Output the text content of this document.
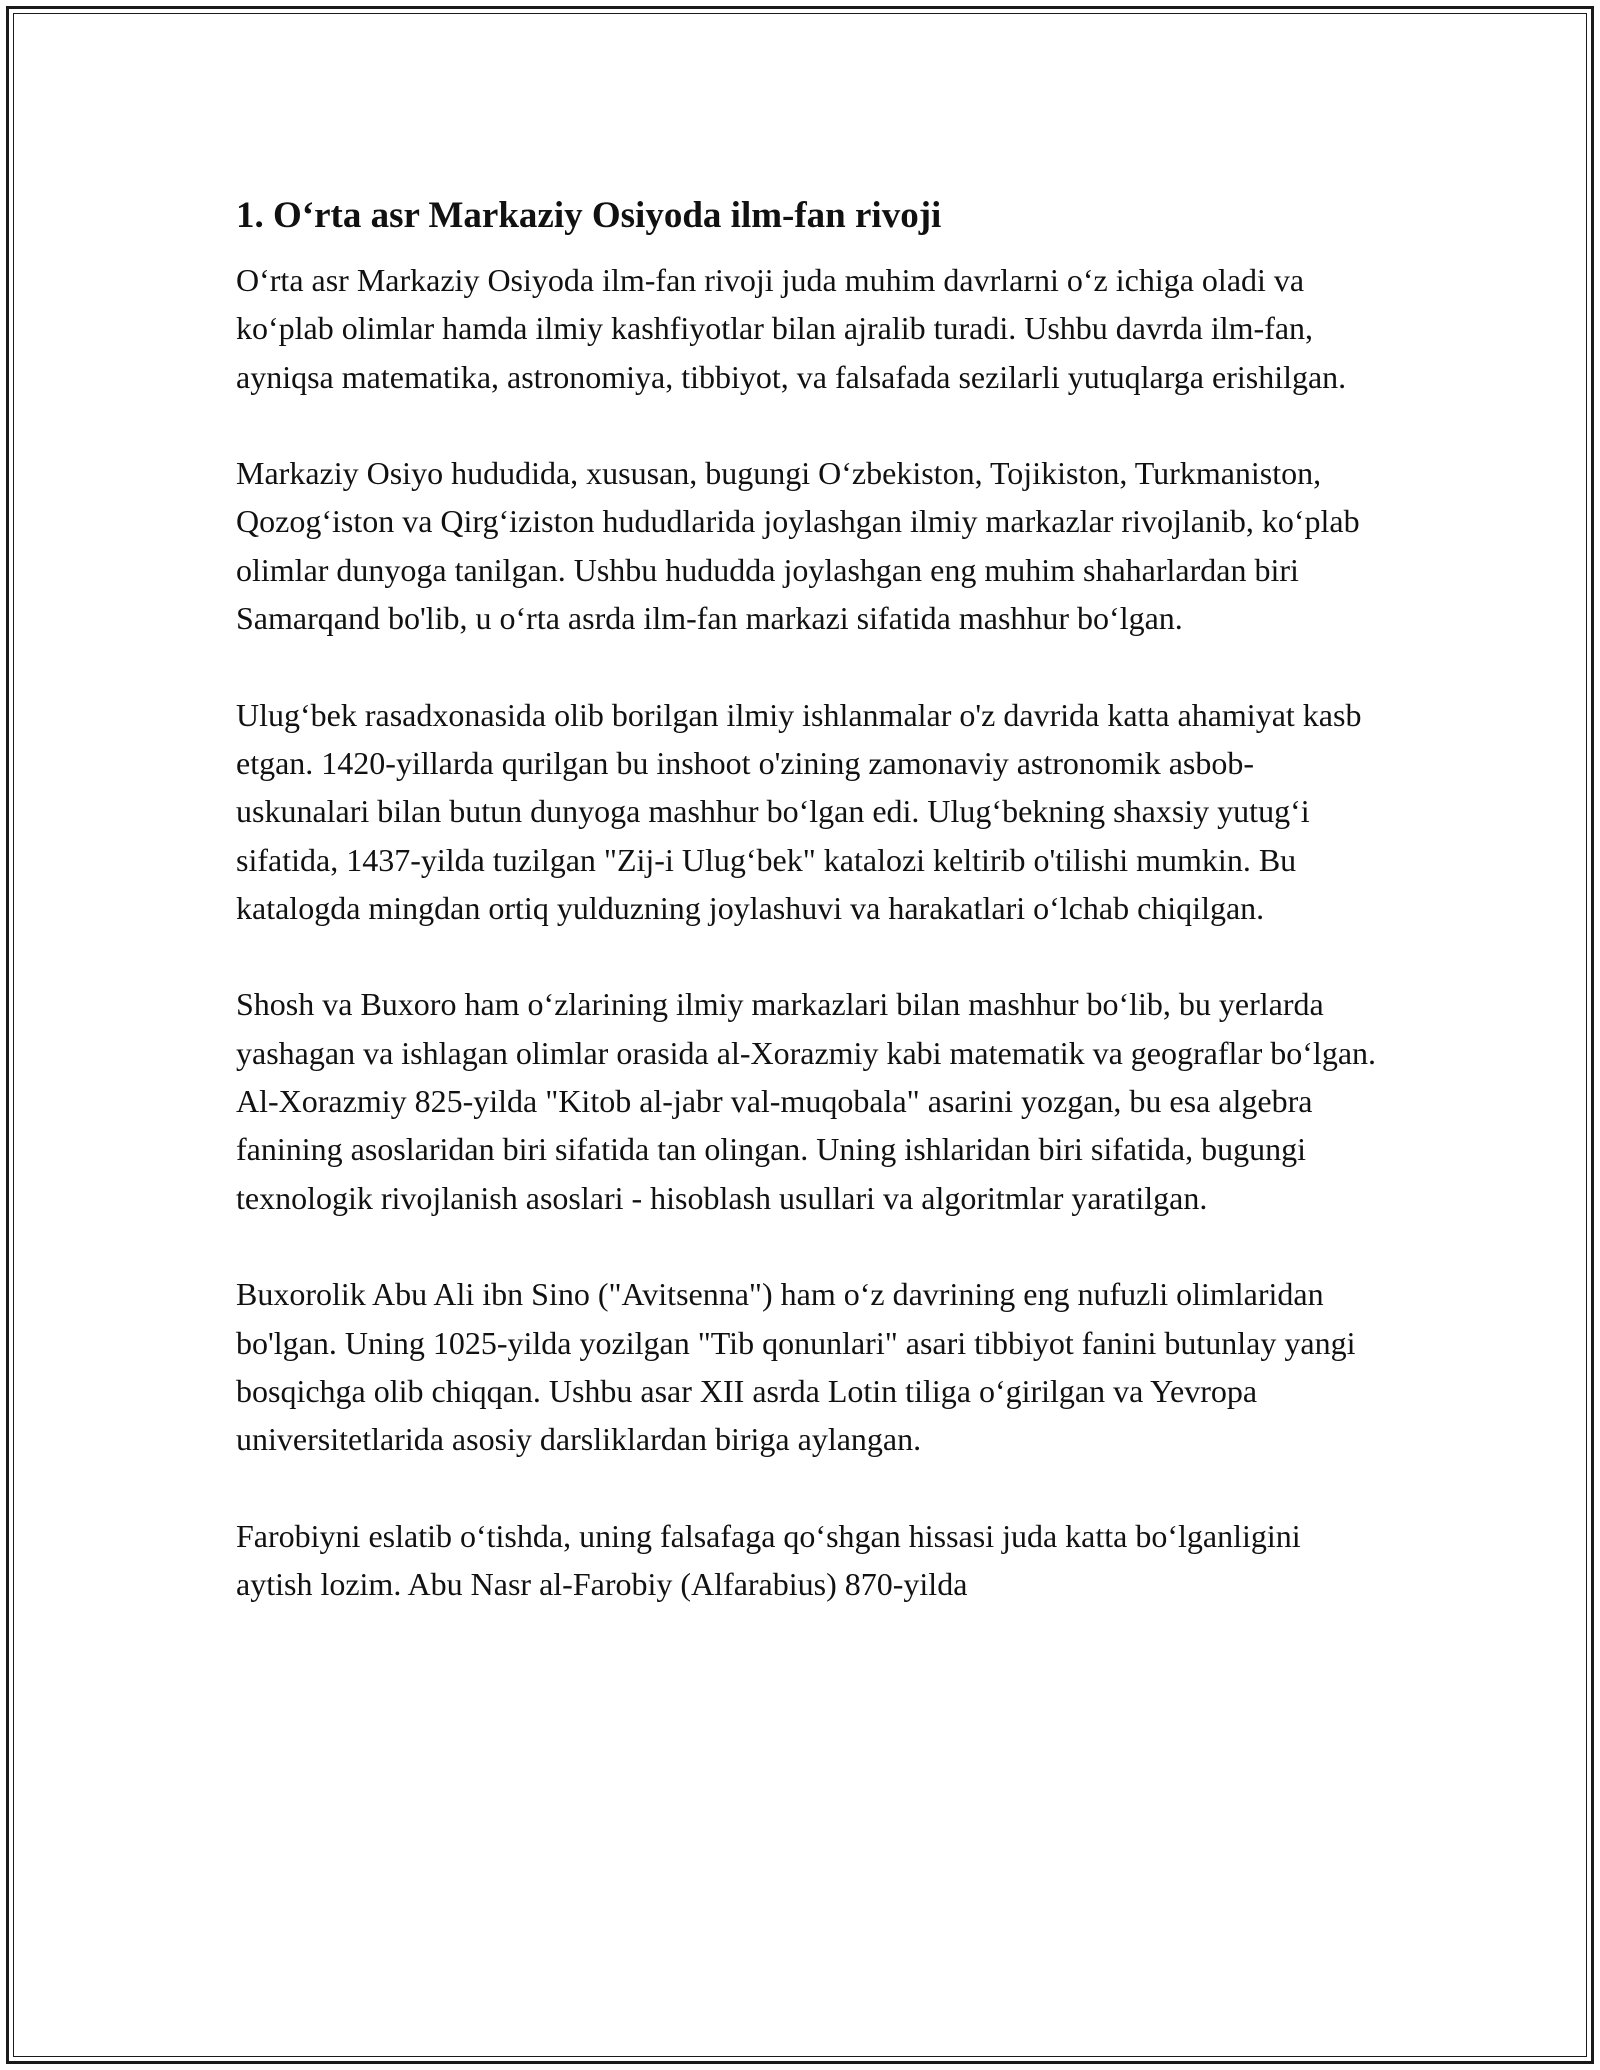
1. O‘rta asr Markaziy Osiyoda ilm-fan rivoji

O‘rta asr Markaziy Osiyoda ilm-fan rivoji juda muhim davrlarni o‘z ichiga oladi va ko‘plab olimlar hamda ilmiy kashfiyotlar bilan ajralib turadi. Ushbu davrda ilm-fan, ayniqsa matematika, astronomiya, tibbiyot, va falsafada sezilarli yutuqlarga erishilgan.

Markaziy Osiyo hududida, xususan, bugungi O‘zbekiston, Tojikiston, Turkmaniston, Qozog‘iston va Qirg‘iziston hududlarida joylashgan ilmiy markazlar rivojlanib, ko‘plab olimlar dunyoga tanilgan. Ushbu hududda joylashgan eng muhim shaharlardan biri Samarqand bo'lib, u o‘rta asrda ilm-fan markazi sifatida mashhur bo‘lgan.

Ulug‘bek rasadxonasida olib borilgan ilmiy ishlanmalar o'z davrida katta ahamiyat kasb etgan. 1420-yillarda qurilgan bu inshoot o'zining zamonaviy astronomik asbob-uskunalari bilan butun dunyoga mashhur bo‘lgan edi. Ulug‘bekning shaxsiy yutug‘i sifatida, 1437-yilda tuzilgan "Zij-i Ulug‘bek" katalozi keltirib o'tilishi mumkin. Bu katalogda mingdan ortiq yulduzning joylashuvi va harakatlari o‘lchab chiqilgan.

Shosh va Buxoro ham o‘zlarining ilmiy markazlari bilan mashhur bo‘lib, bu yerlarda yashagan va ishlagan olimlar orasida al-Xorazmiy kabi matematik va geograflar bo‘lgan. Al-Xorazmiy 825-yilda "Kitob al-jabr val-muqobala" asarini yozgan, bu esa algebra fanining asoslaridan biri sifatida tan olingan. Uning ishlaridan biri sifatida, bugungi texnologik rivojlanish asoslari - hisoblash usullari va algoritmlar yaratilgan.

Buxorolik Abu Ali ibn Sino ("Avitsenna") ham o‘z davrining eng nufuzli olimlaridan bo'lgan. Uning 1025-yilda yozilgan "Tib qonunlari" asari tibbiyot fanini butunlay yangi bosqichga olib chiqqan. Ushbu asar XII asrda Lotin tiliga o‘girilgan va Yevropa universitetlarida asosiy darsliklardan biriga aylangan.

Farobiyni eslatib o‘tishda, uning falsafaga qo‘shgan hissasi juda katta bo‘lganligini aytish lozim. Abu Nasr al-Farobiy (Alfarabius) 870-yilda
